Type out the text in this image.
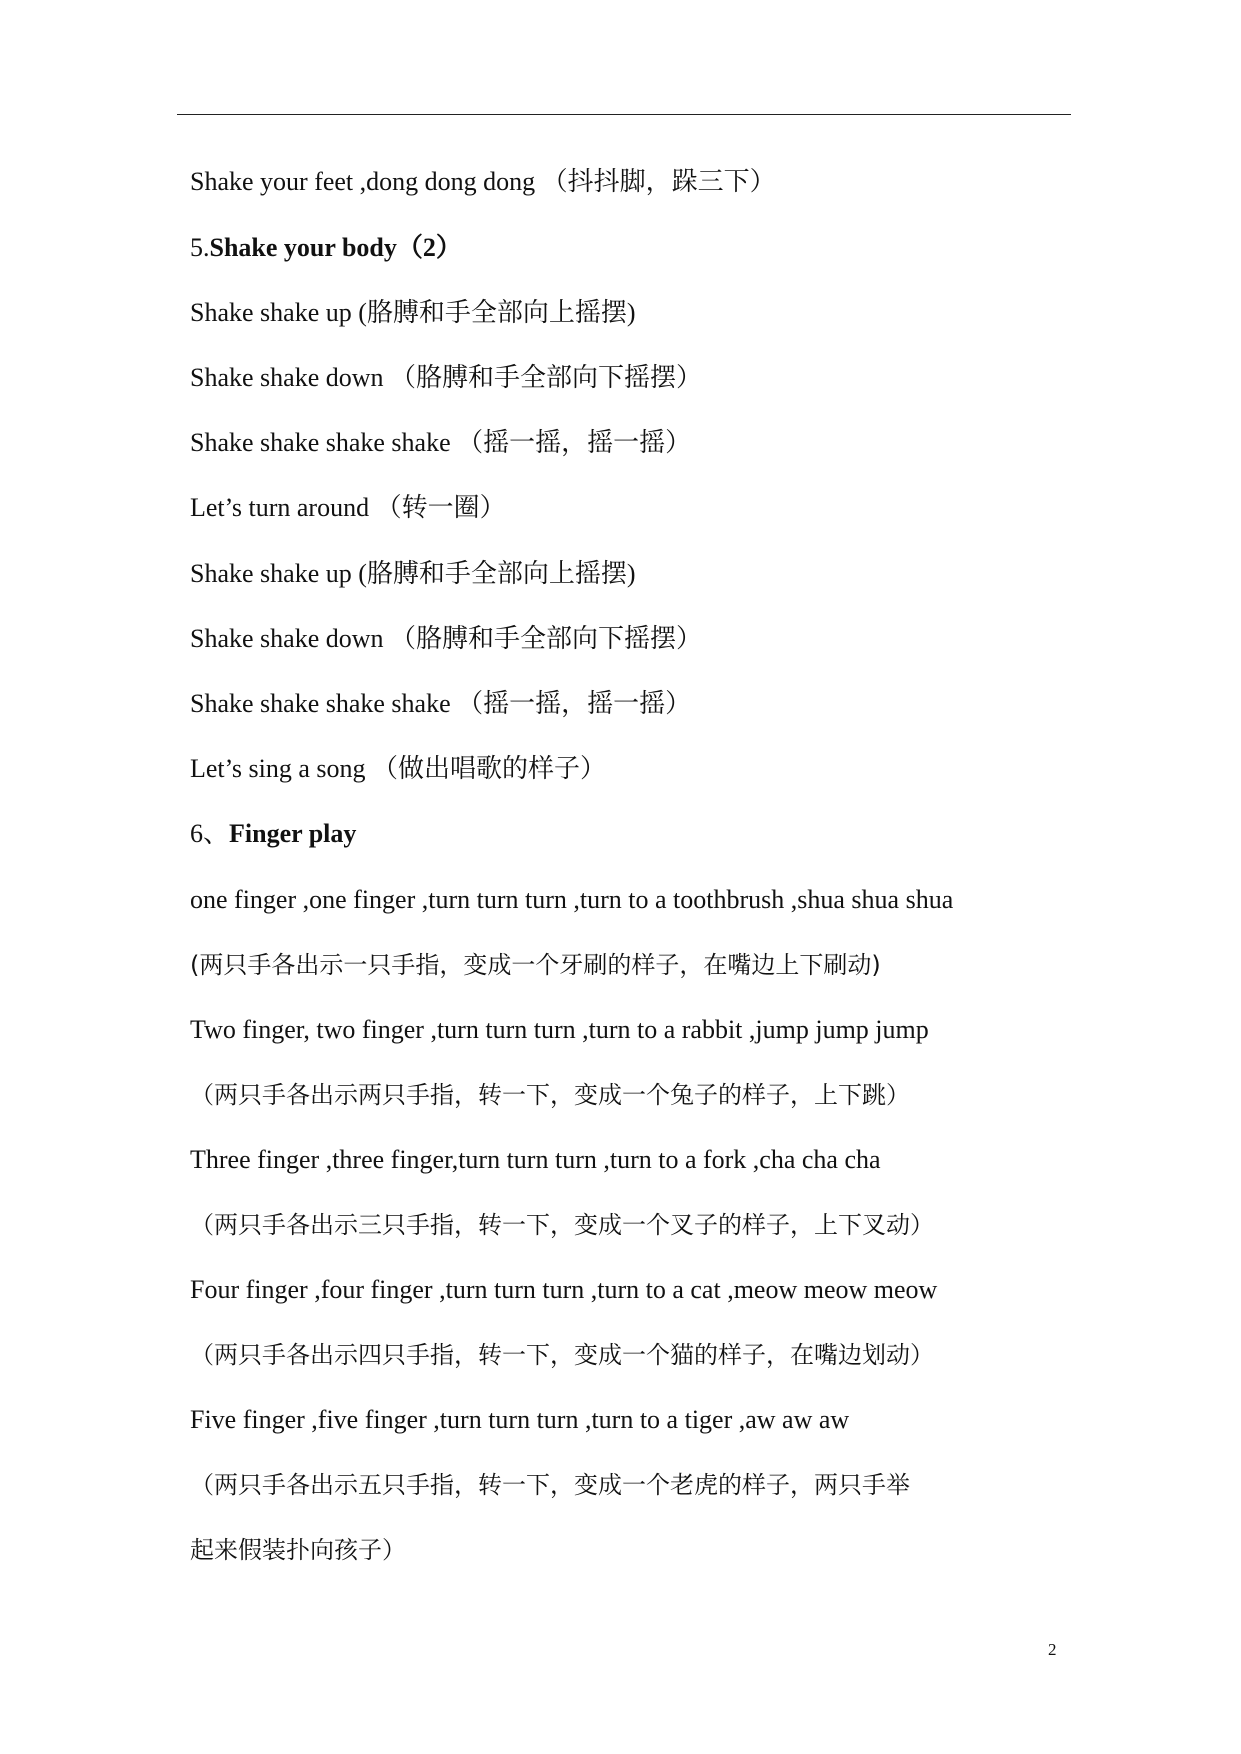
Shake your feet ,dong dong dong （抖抖脚，跺三下）
5.Shake your body（2）
Shake shake up (胳膊和手全部向上摇摆)
Shake shake down （胳膊和手全部向下摇摆）
Shake shake shake shake （摇一摇，摇一摇）
Let’s turn around （转一圈）
Shake shake up (胳膊和手全部向上摇摆)
Shake shake down （胳膊和手全部向下摇摆）
Shake shake shake shake （摇一摇，摇一摇）
Let’s sing a song （做出唱歌的样子）
6、Finger play
one finger ,one finger ,turn turn turn ,turn to a toothbrush ,shua shua shua
(两只手各出示一只手指，变成一个牙刷的样子，在嘴边上下刷动)
Two finger, two finger ,turn turn turn ,turn to a rabbit ,jump jump jump
（两只手各出示两只手指，转一下，变成一个兔子的样子，上下跳）
Three finger ,three finger,turn turn turn ,turn to a fork ,cha cha cha
（两只手各出示三只手指，转一下，变成一个叉子的样子，上下叉动）
Four finger ,four finger ,turn turn turn ,turn to a cat ,meow meow meow
（两只手各出示四只手指，转一下，变成一个猫的样子，在嘴边划动）
Five finger ,five finger ,turn turn turn ,turn to a tiger ,aw aw aw
（两只手各出示五只手指，转一下，变成一个老虎的样子，两只手举
起来假装扑向孩子）
2
